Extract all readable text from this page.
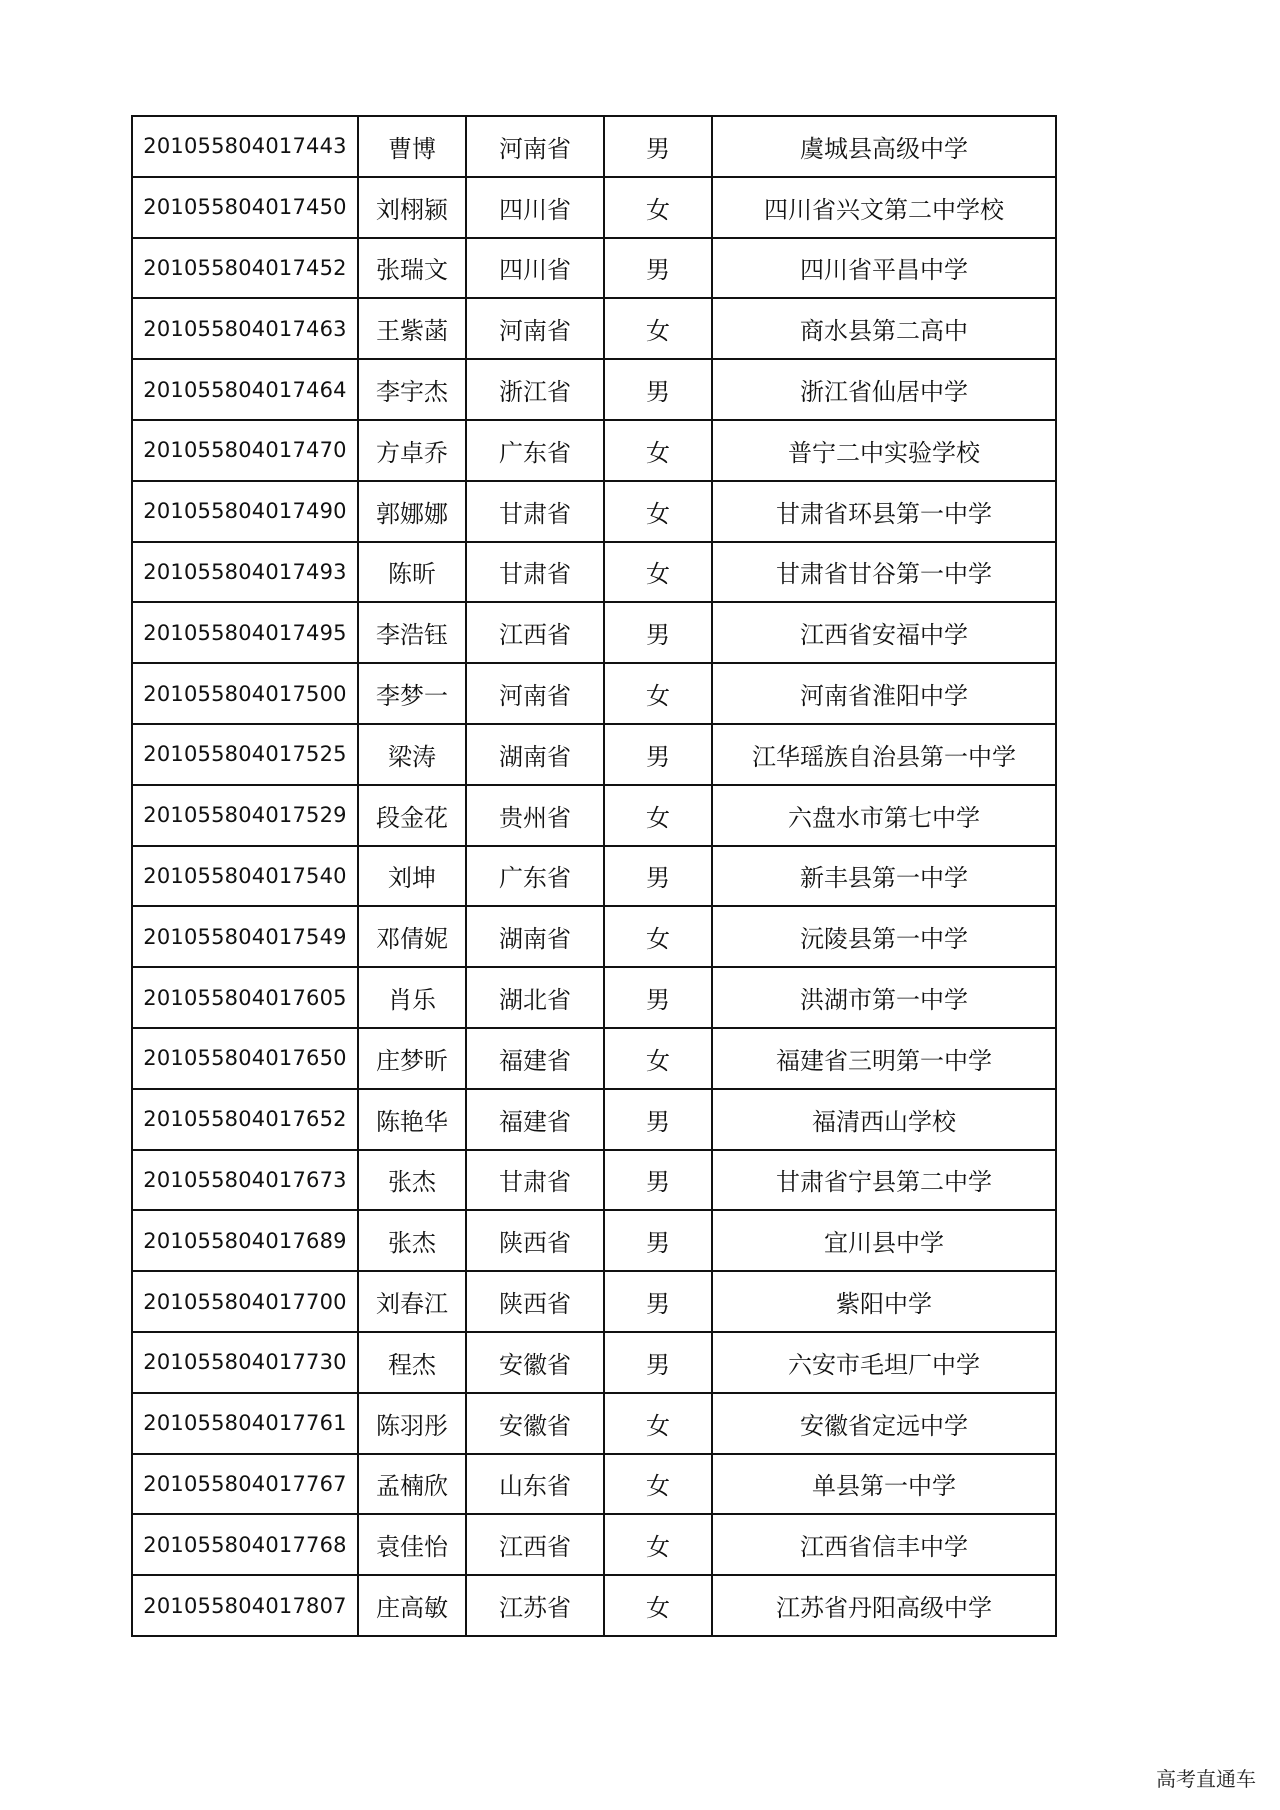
201055804017443	曹博	河南省	男	虞城县高级中学
201055804017450	刘栩颍	四川省	女	四川省兴文第二中学校
201055804017452	张瑞文	四川省	男	四川省平昌中学
201055804017463	王紫菡	河南省	女	商水县第二高中
201055804017464	李宇杰	浙江省	男	浙江省仙居中学
201055804017470	方卓乔	广东省	女	普宁二中实验学校
201055804017490	郭娜娜	甘肃省	女	甘肃省环县第一中学
201055804017493	陈昕	甘肃省	女	甘肃省甘谷第一中学
201055804017495	李浩钰	江西省	男	江西省安福中学
201055804017500	李梦一	河南省	女	河南省淮阳中学
201055804017525	梁涛	湖南省	男	江华瑶族自治县第一中学
201055804017529	段金花	贵州省	女	六盘水市第七中学
201055804017540	刘坤	广东省	男	新丰县第一中学
201055804017549	邓倩妮	湖南省	女	沅陵县第一中学
201055804017605	肖乐	湖北省	男	洪湖市第一中学
201055804017650	庄梦昕	福建省	女	福建省三明第一中学
201055804017652	陈艳华	福建省	男	福清西山学校
201055804017673	张杰	甘肃省	男	甘肃省宁县第二中学
201055804017689	张杰	陕西省	男	宜川县中学
201055804017700	刘春江	陕西省	男	紫阳中学
201055804017730	程杰	安徽省	男	六安市毛坦厂中学
201055804017761	陈羽彤	安徽省	女	安徽省定远中学
201055804017767	孟楠欣	山东省	女	单县第一中学
201055804017768	袁佳怡	江西省	女	江西省信丰中学
201055804017807	庄高敏	江苏省	女	江苏省丹阳高级中学
高考直通车
